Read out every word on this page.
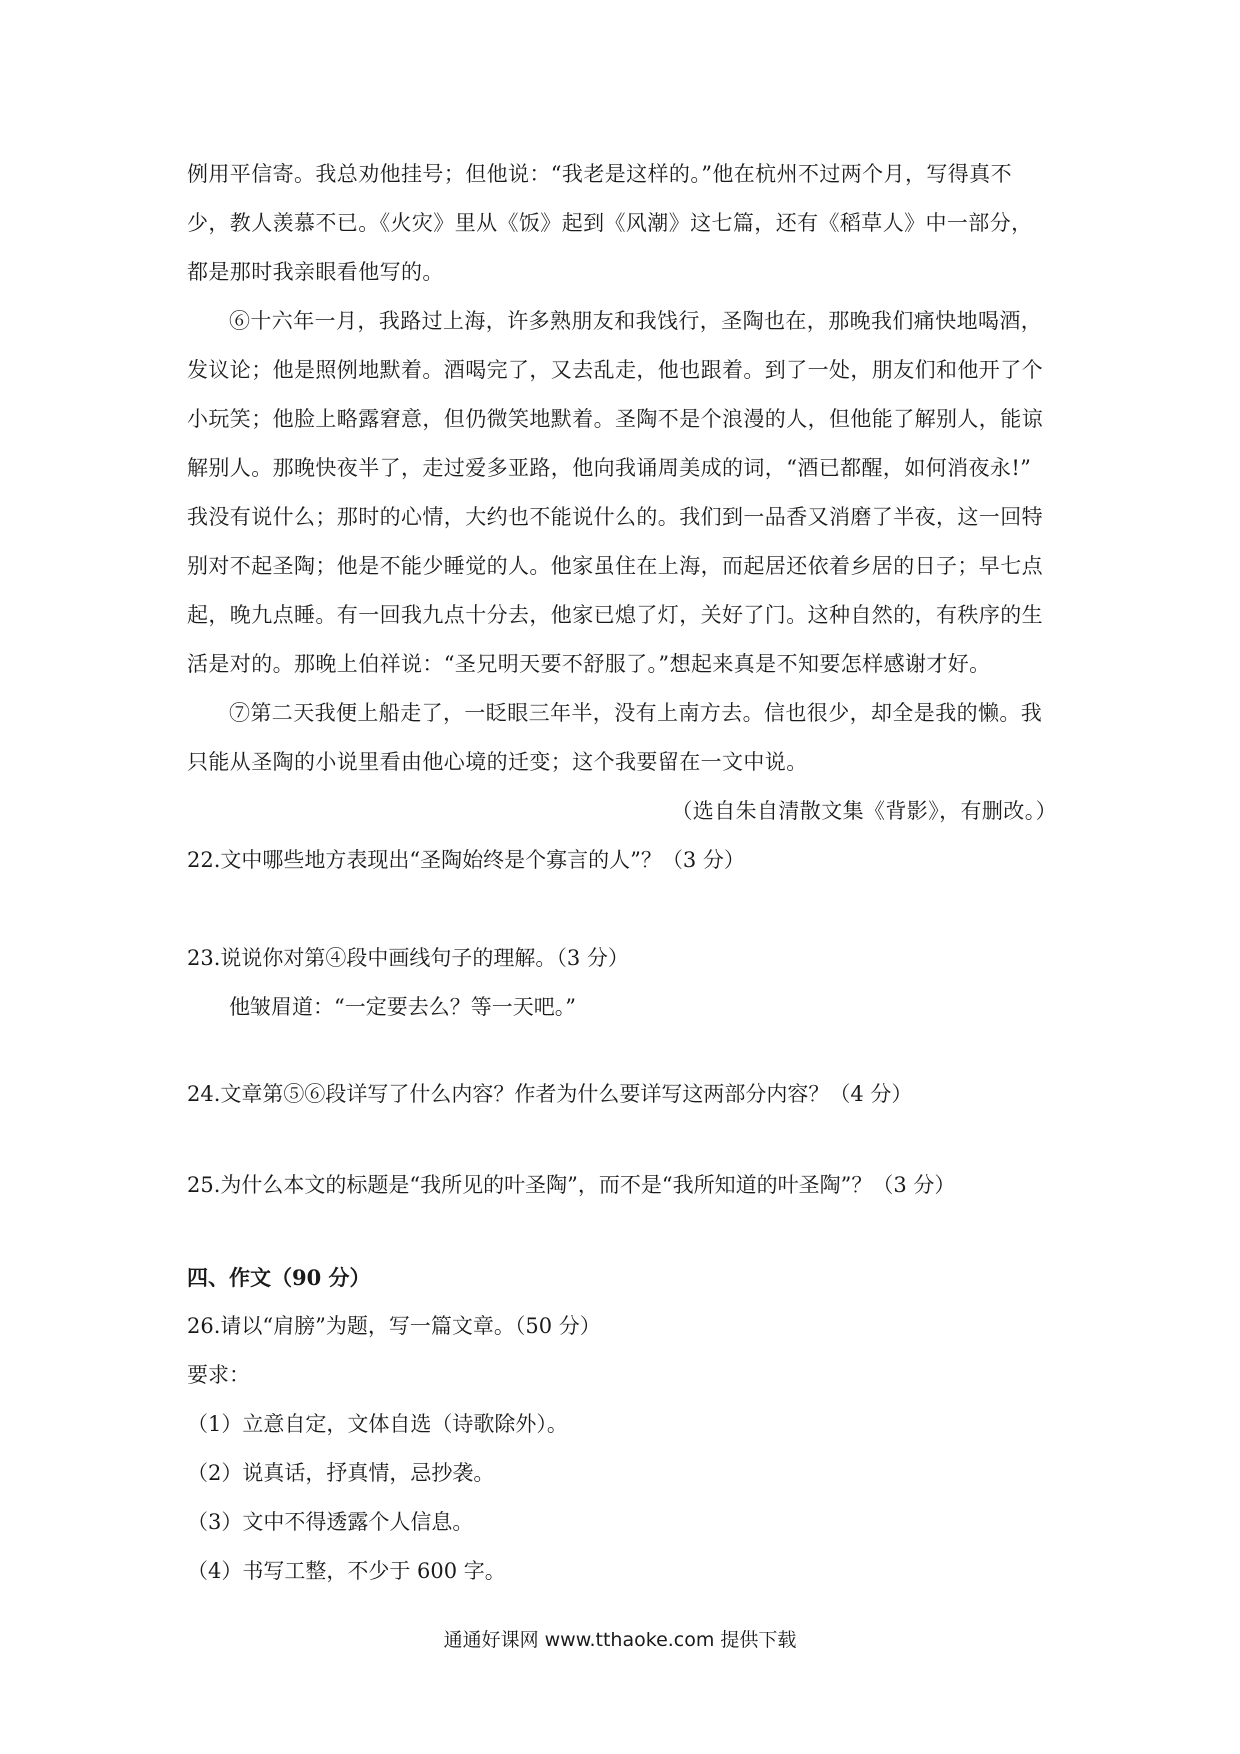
例用平信寄。我总劝他挂号；但他说：“我老是这样的。”他在杭州不过两个月，写得真不
少，教人羡慕不已。《火灾》里从《饭》起到《风潮》这七篇，还有《稻草人》中一部分，
都是那时我亲眼看他写的。
⑥十六年一月，我路过上海，许多熟朋友和我饯行，圣陶也在，那晚我们痛快地喝酒，
发议论；他是照例地默着。酒喝完了，又去乱走，他也跟着。到了一处，朋友们和他开了个
小玩笑；他脸上略露窘意，但仍微笑地默着。圣陶不是个浪漫的人，但他能了解别人，能谅
解别人。那晚快夜半了，走过爱多亚路，他向我诵周美成的词，“酒已都醒，如何消夜永!”
我没有说什么；那时的心情，大约也不能说什么的。我们到一品香又消磨了半夜，这一回特
别对不起圣陶；他是不能少睡觉的人。他家虽住在上海，而起居还依着乡居的日子；早七点
起，晚九点睡。有一回我九点十分去，他家已熄了灯，关好了门。这种自然的，有秩序的生
活是对的。那晚上伯祥说：“圣兄明天要不舒服了。”想起来真是不知要怎样感谢才好。
⑦第二天我便上船走了，一眨眼三年半，没有上南方去。信也很少，却全是我的懒。我
只能从圣陶的小说里看由他心境的迁变；这个我要留在一文中说。
（选自朱自清散文集《背影》，有删改。）
22.文中哪些地方表现出“圣陶始终是个寡言的人”？（3 分）
23.说说你对第④段中画线句子的理解。（3 分）
他皱眉道：“一定要去么？等一天吧。”
24.文章第⑤⑥段详写了什么内容？作者为什么要详写这两部分内容？（4 分）
25.为什么本文的标题是“我所见的叶圣陶”，而不是“我所知道的叶圣陶”？（3 分）
四、作文（90 分）
26.请以“肩膀”为题，写一篇文章。（50 分）
要求：
（1）立意自定，文体自选（诗歌除外）。
（2）说真话，抒真情，忌抄袭。
（3）文中不得透露个人信息。
（4）书写工整，不少于 600 字。
通通好课网 www.tthaoke.com 提供下载
